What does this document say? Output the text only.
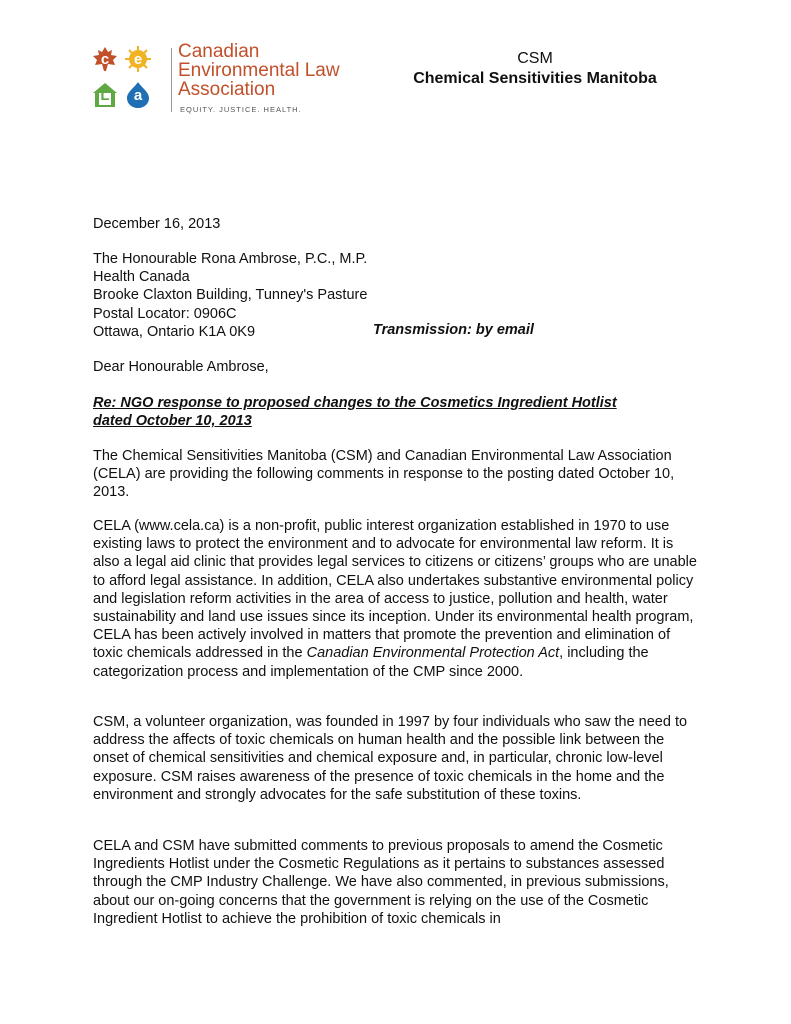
c e
L a
Canadian
Environmental Law
Association
EQUITY. JUSTICE. HEALTH.
CSM
Chemical Sensitivities Manitoba
December 16, 2013
The Honourable Rona Ambrose, P.C., M.P.
Health Canada
Brooke Claxton Building, Tunney's Pasture
Postal Locator: 0906C
Ottawa, Ontario K1A 0K9	Transmission: by email
Dear Honourable Ambrose,
Re: NGO response to proposed changes to the Cosmetics Ingredient Hotlist
dated October 10, 2013
The Chemical Sensitivities Manitoba (CSM) and Canadian Environmental Law Association (CELA) are providing the following comments in response to the posting dated October 10, 2013.
CELA (www.cela.ca) is a non-profit, public interest organization established in 1970 to use existing laws to protect the environment and to advocate for environmental law reform. It is also a legal aid clinic that provides legal services to citizens or citizens’ groups who are unable to afford legal assistance. In addition, CELA also undertakes substantive environmental policy and legislation reform activities in the area of access to justice, pollution and health, water sustainability and land use issues since its inception. Under its environmental health program, CELA has been actively involved in matters that promote the prevention and elimination of toxic chemicals addressed in the Canadian Environmental Protection Act, including the categorization process and implementation of the CMP since 2000.
CSM, a volunteer organization, was founded in 1997 by four individuals who saw the need to address the affects of toxic chemicals on human health and the possible link between the onset of chemical sensitivities and chemical exposure and, in particular, chronic low-level exposure. CSM raises awareness of the presence of toxic chemicals in the home and the environment and strongly advocates for the safe substitution of these toxins.
CELA and CSM have submitted comments to previous proposals to amend the Cosmetic Ingredients Hotlist under the Cosmetic Regulations as it pertains to substances assessed through the CMP Industry Challenge. We have also commented, in previous submissions, about our on-going concerns that the government is relying on the use of the Cosmetic Ingredient Hotlist to achieve the prohibition of toxic chemicals in
